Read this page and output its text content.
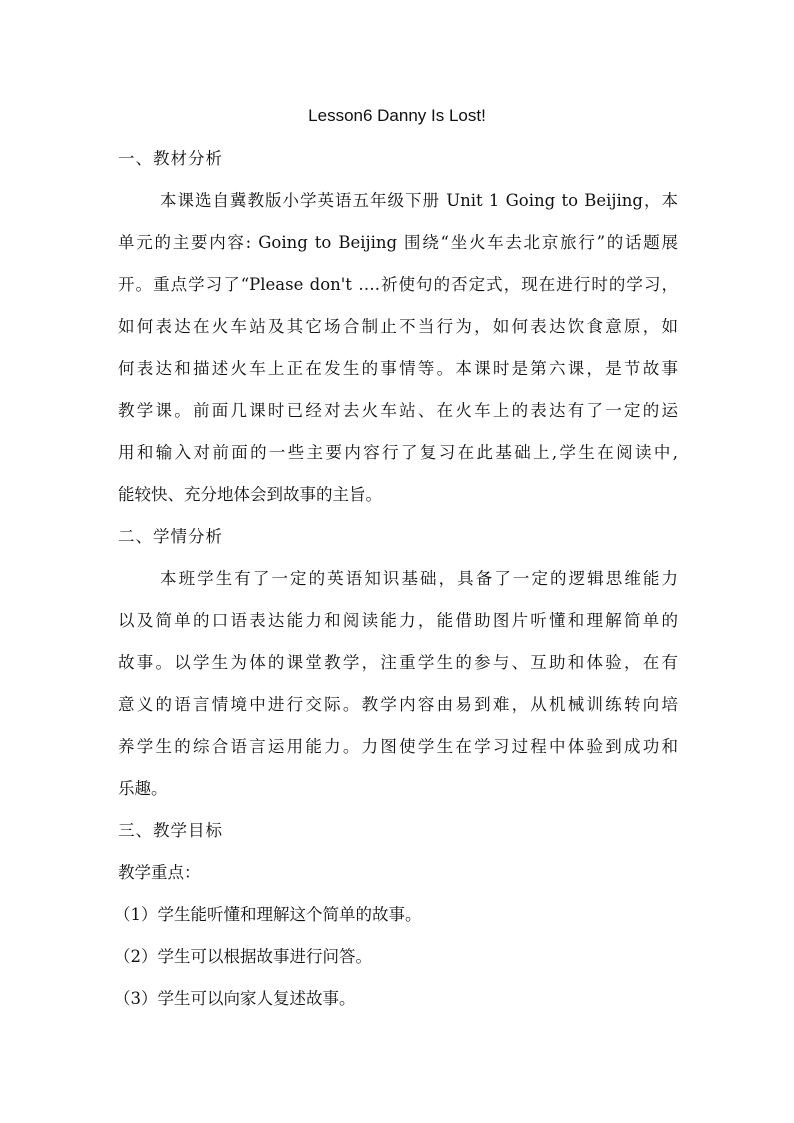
Lesson6 Danny Is Lost!
一、教材分析
本课选自冀教版小学英语五年级下册 Unit 1 Going to Beijing，本
单元的主要内容: Going to Beijing 围绕“坐火车去北京旅行”的话题展
开。重点学习了“Please don't ….祈使句的否定式，现在进行时的学习，
如何表达在火车站及其它场合制止不当行为，如何表达饮食意原，如
何表达和描述火车上正在发生的事情等。本课时是第六课，是节故事
教学课。前面几课时已经对去火车站、在火车上的表达有了一定的运
用和输入对前面的一些主要内容行了复习在此基础上,学生在阅读中,
能较快、充分地体会到故事的主旨。
二、学情分析
本班学生有了一定的英语知识基础，具备了一定的逻辑思维能力
以及简单的口语表达能力和阅读能力，能借助图片听懂和理解简单的
故事。以学生为体的课堂教学，注重学生的参与、互助和体验，在有
意义的语言情境中进行交际。教学内容由易到难，从机械训练转向培
养学生的综合语言运用能力。力图使学生在学习过程中体验到成功和
乐趣。
三、教学目标
教学重点：
（1）学生能听懂和理解这个简单的故事。
（2）学生可以根据故事进行问答。
（3）学生可以向家人复述故事。
